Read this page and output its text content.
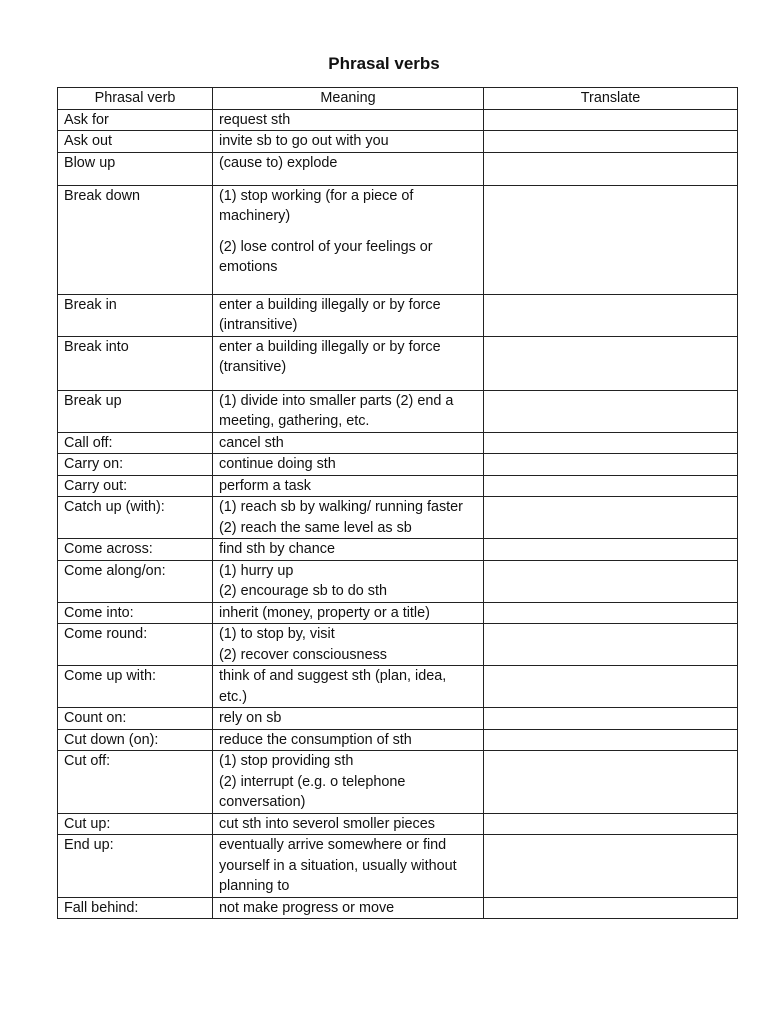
Phrasal verbs
Phrasal verb	Meaning	Translate
Ask for	request sth	

Ask out	invite sb to go out with you	

Blow up	(cause to) explode	

Break down	(1) stop working (for a piece of machinery)

(2) lose control of your feelings or emotions	

Break in	enter a building illegally or by force (intransitive)	

Break into	enter a building illegally or by force (transitive)	

Break up	(1) divide into smaller parts (2) end a meeting, gathering, etc.	

Call off:	cancel sth	

Carry on:	continue doing sth	

Carry out:	perform a task	

Catch up (with):	(1) reach sb by walking/ running faster
(2) reach the same level as sb	

Come across:	find sth by chance	

Come along/on:	(1) hurry up
(2) encourage sb to do sth	

Come into:	inherit (money, property or a title)	

Come round:	(1) to stop by, visit
(2) recover consciousness	

Come up with:	think of and suggest sth (plan, idea, etc.)	

Count on:	rely on sb	

Cut down (on):	reduce the consumption of sth	

Cut off:	(1) stop providing sth
(2) interrupt (e.g. o telephone conversation)	

Cut up:	cut sth into severol smoller pieces	

End up:	eventually arrive somewhere or find yourself in a situation, usually without planning to	

Fall behind:	not make progress or move	
